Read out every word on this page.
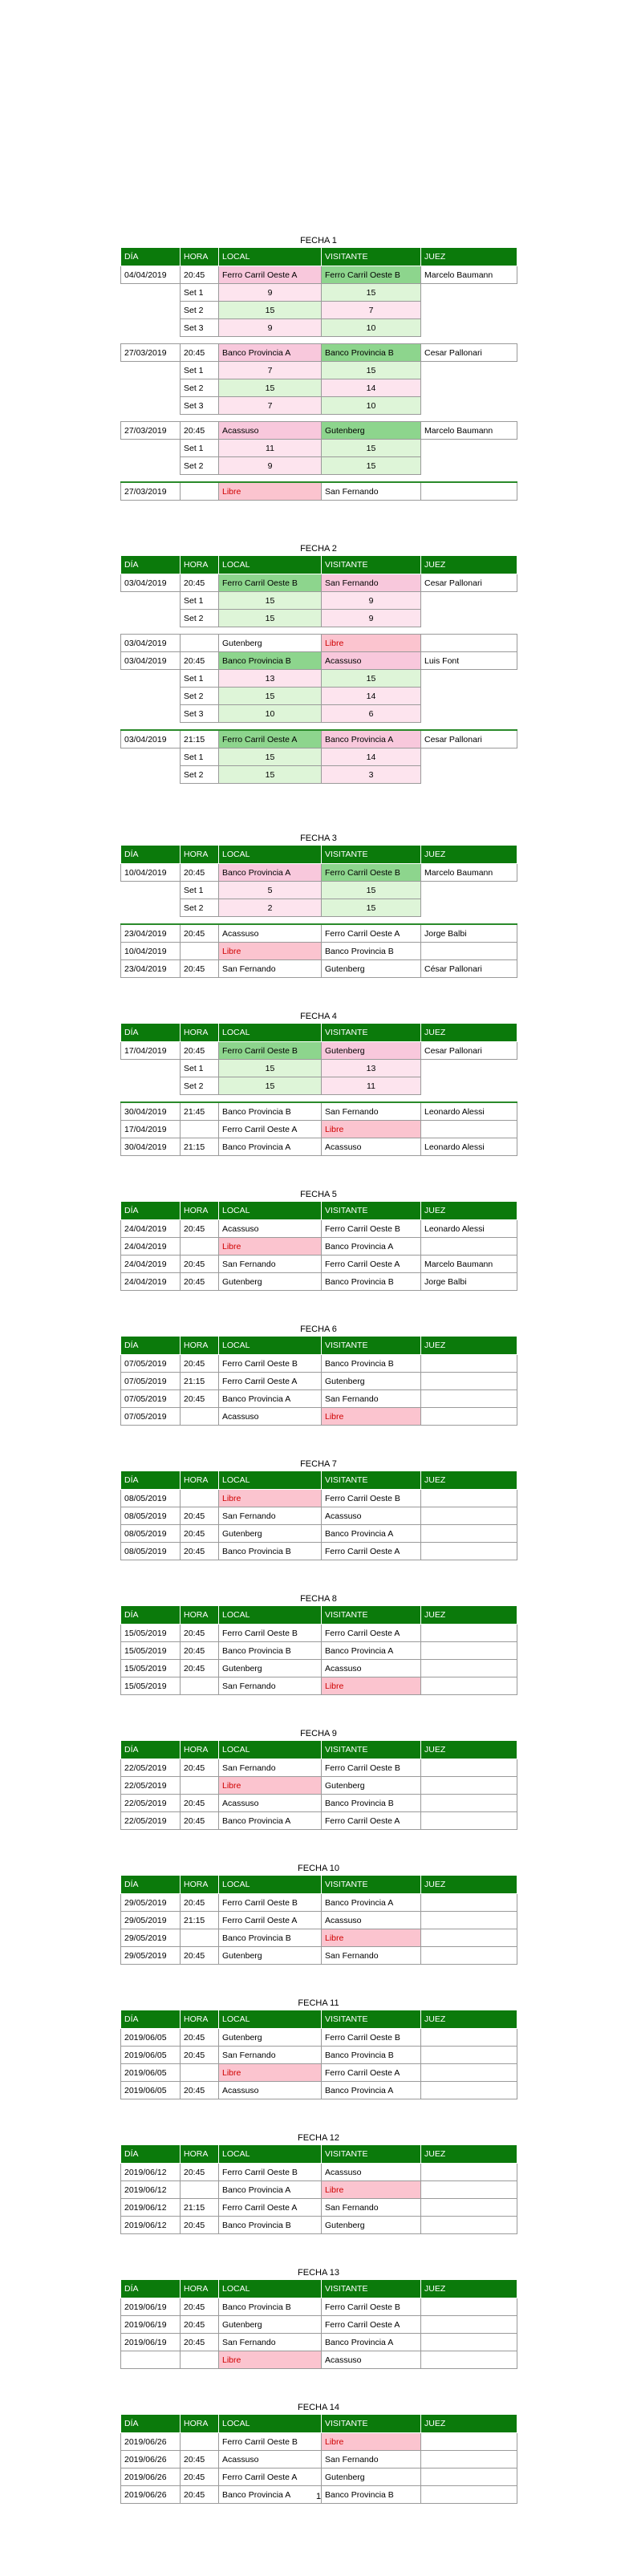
FECHA 1
DÍA	HORA	LOCAL	VISITANTE	JUEZ
04/04/2019	20:45	Ferro Carril Oeste A	Ferro Carril Oeste B	Marcelo Baumann
	Set 1	9	15	
	Set 2	15	7	
	Set 3	9	10	

27/03/2019	20:45	Banco Provincia A	Banco Provincia B	Cesar Pallonari
	Set 1	7	15	
	Set 2	15	14	
	Set 3	7	10	

27/03/2019	20:45	Acassuso	Gutenberg	Marcelo Baumann
	Set 1	11	15	
	Set 2	9	15	

27/03/2019		Libre	San Fernando	
FECHA 2
DÍA	HORA	LOCAL	VISITANTE	JUEZ
03/04/2019	20:45	Ferro Carril Oeste B	San Fernando	Cesar Pallonari
	Set 1	15	9	
	Set 2	15	9	

03/04/2019		Gutenberg	Libre	
03/04/2019	20:45	Banco Provincia B	Acassuso	Luis Font
	Set 1	13	15	
	Set 2	15	14	
	Set 3	10	6	

03/04/2019	21:15	Ferro Carril Oeste A	Banco Provincia A	Cesar Pallonari
	Set 1	15	14	
	Set 2	15	3	

FECHA 3
DÍA	HORA	LOCAL	VISITANTE	JUEZ
10/04/2019	20:45	Banco Provincia A	Ferro Carril Oeste B	Marcelo Baumann
	Set 1	5	15	
	Set 2	2	15	

23/04/2019	20:45	Acassuso	Ferro Carril Oeste A	Jorge Balbi
10/04/2019		Libre	Banco Provincia B	
23/04/2019	20:45	San Fernando	Gutenberg	César Pallonari
FECHA 4
DÍA	HORA	LOCAL	VISITANTE	JUEZ
17/04/2019	20:45	Ferro Carril Oeste B	Gutenberg	Cesar Pallonari
	Set 1	15	13	
	Set 2	15	11	

30/04/2019	21:45	Banco Provincia B	San Fernando	Leonardo Alessi
17/04/2019		Ferro Carril Oeste A	Libre	
30/04/2019	21:15	Banco Provincia A	Acassuso	Leonardo Alessi
FECHA 5
DÍA	HORA	LOCAL	VISITANTE	JUEZ
24/04/2019	20:45	Acassuso	Ferro Carril Oeste B	Leonardo Alessi
24/04/2019		Libre	Banco Provincia A	
24/04/2019	20:45	San Fernando	Ferro Carril Oeste A	Marcelo Baumann
24/04/2019	20:45	Gutenberg	Banco Provincia B	Jorge Balbi
FECHA 6
DÍA	HORA	LOCAL	VISITANTE	JUEZ
07/05/2019	20:45	Ferro Carril Oeste B	Banco Provincia B	
07/05/2019	21:15	Ferro Carril Oeste A	Gutenberg	
07/05/2019	20:45	Banco Provincia A	San Fernando	
07/05/2019		Acassuso	Libre	
FECHA 7
DÍA	HORA	LOCAL	VISITANTE	JUEZ
08/05/2019		Libre	Ferro Carril Oeste B	
08/05/2019	20:45	San Fernando	Acassuso	
08/05/2019	20:45	Gutenberg	Banco Provincia A	
08/05/2019	20:45	Banco Provincia B	Ferro Carril Oeste A	
FECHA 8
DÍA	HORA	LOCAL	VISITANTE	JUEZ
15/05/2019	20:45	Ferro Carril Oeste B	Ferro Carril Oeste A	
15/05/2019	20:45	Banco Provincia B	Banco Provincia A	
15/05/2019	20:45	Gutenberg	Acassuso	
15/05/2019		San Fernando	Libre	
FECHA 9
DÍA	HORA	LOCAL	VISITANTE	JUEZ
22/05/2019	20:45	San Fernando	Ferro Carril Oeste B	
22/05/2019		Libre	Gutenberg	
22/05/2019	20:45	Acassuso	Banco Provincia B	
22/05/2019	20:45	Banco Provincia A	Ferro Carril Oeste A	
FECHA 10
DÍA	HORA	LOCAL	VISITANTE	JUEZ
29/05/2019	20:45	Ferro Carril Oeste B	Banco Provincia A	
29/05/2019	21:15	Ferro Carril Oeste A	Acassuso	
29/05/2019		Banco Provincia B	Libre	
29/05/2019	20:45	Gutenberg	San Fernando	
FECHA 11
DÍA	HORA	LOCAL	VISITANTE	JUEZ
2019/06/05	20:45	Gutenberg	Ferro Carril Oeste B	
2019/06/05	20:45	San Fernando	Banco Provincia B	
2019/06/05		Libre	Ferro Carril Oeste A	
2019/06/05	20:45	Acassuso	Banco Provincia A	
FECHA 12
DÍA	HORA	LOCAL	VISITANTE	JUEZ
2019/06/12	20:45	Ferro Carril Oeste B	Acassuso	
2019/06/12		Banco Provincia A	Libre	
2019/06/12	21:15	Ferro Carril Oeste A	San Fernando	
2019/06/12	20:45	Banco Provincia B	Gutenberg	
FECHA 13
DÍA	HORA	LOCAL	VISITANTE	JUEZ
2019/06/19	20:45	Banco Provincia B	Ferro Carril Oeste B	
2019/06/19	20:45	Gutenberg	Ferro Carril Oeste A	
2019/06/19	20:45	San Fernando	Banco Provincia A	
		Libre	Acassuso	
FECHA 14
DÍA	HORA	LOCAL	VISITANTE	JUEZ
2019/06/26		Ferro Carril Oeste B	Libre	
2019/06/26	20:45	Acassuso	San Fernando	
2019/06/26	20:45	Ferro Carril Oeste A	Gutenberg	
2019/06/26	20:45	Banco Provincia A	Banco Provincia B	
1
